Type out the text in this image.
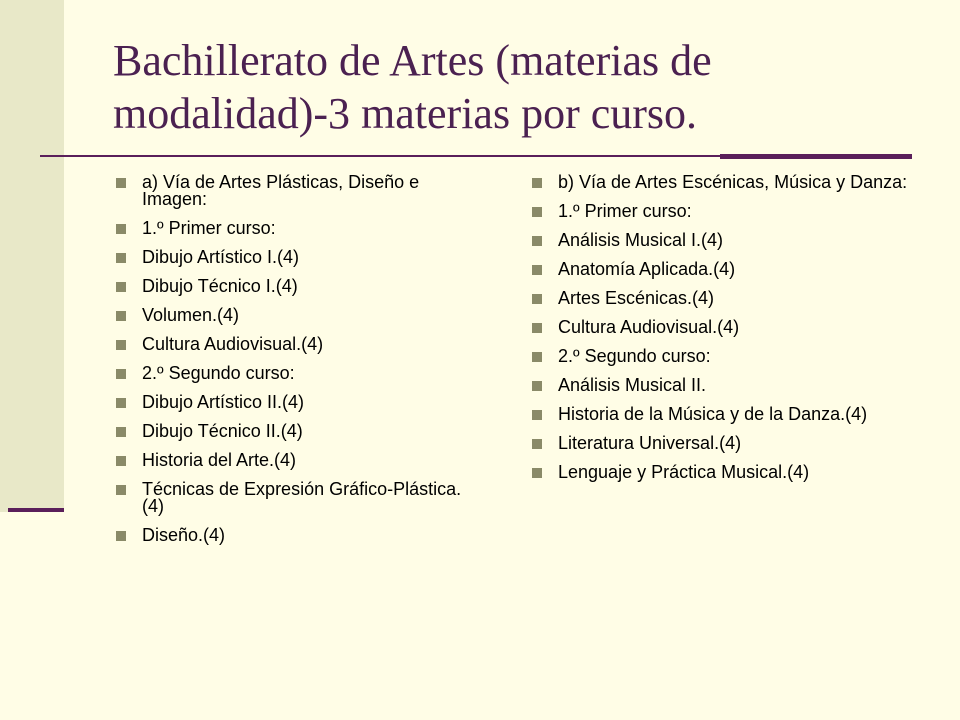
Bachillerato de Artes (materias de modalidad)-3 materias por curso.
a) Vía de Artes Plásticas, Diseño e Imagen:
1.º Primer curso:
Dibujo Artístico I.(4)
Dibujo Técnico I.(4)
Volumen.(4)
Cultura Audiovisual.(4)
2.º Segundo curso:
Dibujo Artístico II.(4)
Dibujo Técnico II.(4)
Historia del Arte.(4)
Técnicas de Expresión Gráfico-Plástica.(4)
Diseño.(4)
b) Vía de Artes Escénicas, Música y Danza:
1.º Primer curso:
Análisis Musical I.(4)
Anatomía Aplicada.(4)
Artes Escénicas.(4)
Cultura Audiovisual.(4)
2.º Segundo curso:
Análisis Musical II.
Historia de la Música y de la Danza.(4)
Literatura Universal.(4)
Lenguaje y Práctica Musical.(4)
